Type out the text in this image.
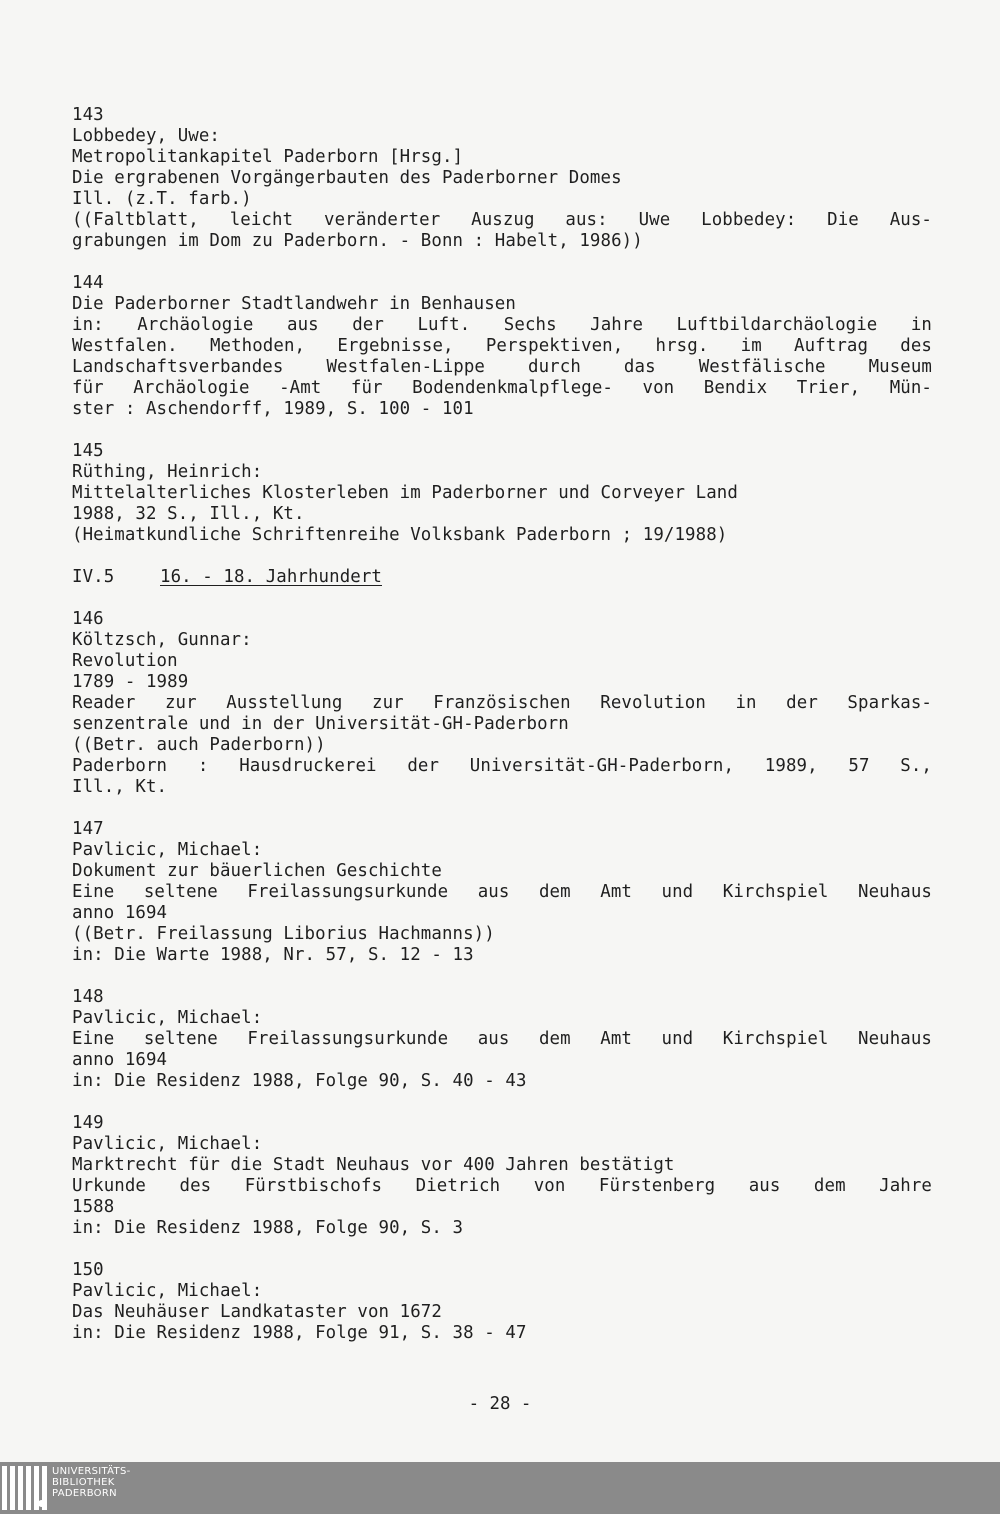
143
Lobbedey, Uwe:
Metropolitankapitel Paderborn [Hrsg.]
Die ergrabenen Vorgängerbauten des Paderborner Domes
Ill. (z.T. farb.)
((Faltblatt, leicht veränderter Auszug aus: Uwe Lobbedey: Die Aus-
grabungen im Dom zu Paderborn. - Bonn : Habelt, 1986))
144
Die Paderborner Stadtlandwehr in Benhausen
in: Archäologie aus der Luft. Sechs Jahre Luftbildarchäologie in
Westfalen. Methoden, Ergebnisse, Perspektiven, hrsg. im Auftrag des
Landschaftsverbandes Westfalen-Lippe durch das Westfälische Museum
für Archäologie -Amt für Bodendenkmalpflege- von Bendix Trier, Mün-
ster : Aschendorff, 1989, S. 100 - 101
145
Rüthing, Heinrich:
Mittelalterliches Klosterleben im Paderborner und Corveyer Land
1988, 32 S., Ill., Kt.
(Heimatkundliche Schriftenreihe Volksbank Paderborn ; 19/1988)
IV.5	16. - 18. Jahrhundert
146
Költzsch, Gunnar:
Revolution
1789 - 1989
Reader zur Ausstellung zur Französischen Revolution in der Sparkas-
senzentrale und in der Universität-GH-Paderborn
((Betr. auch Paderborn))
Paderborn : Hausdruckerei der Universität-GH-Paderborn, 1989, 57 S.,
Ill., Kt.
147
Pavlicic, Michael:
Dokument zur bäuerlichen Geschichte
Eine seltene Freilassungsurkunde aus dem Amt und Kirchspiel Neuhaus
anno 1694
((Betr. Freilassung Liborius Hachmanns))
in: Die Warte 1988, Nr. 57, S. 12 - 13
148
Pavlicic, Michael:
Eine seltene Freilassungsurkunde aus dem Amt und Kirchspiel Neuhaus
anno 1694
in: Die Residenz 1988, Folge 90, S. 40 - 43
149
Pavlicic, Michael:
Marktrecht für die Stadt Neuhaus vor 400 Jahren bestätigt
Urkunde des Fürstbischofs Dietrich von Fürstenberg aus dem Jahre
1588
in: Die Residenz 1988, Folge 90, S. 3
150
Pavlicic, Michael:
Das Neuhäuser Landkataster von 1672
in: Die Residenz 1988, Folge 91, S. 38 - 47
- 28 -
UNIVERSITÄTS-
BIBLIOTHEK
PADERBORN
